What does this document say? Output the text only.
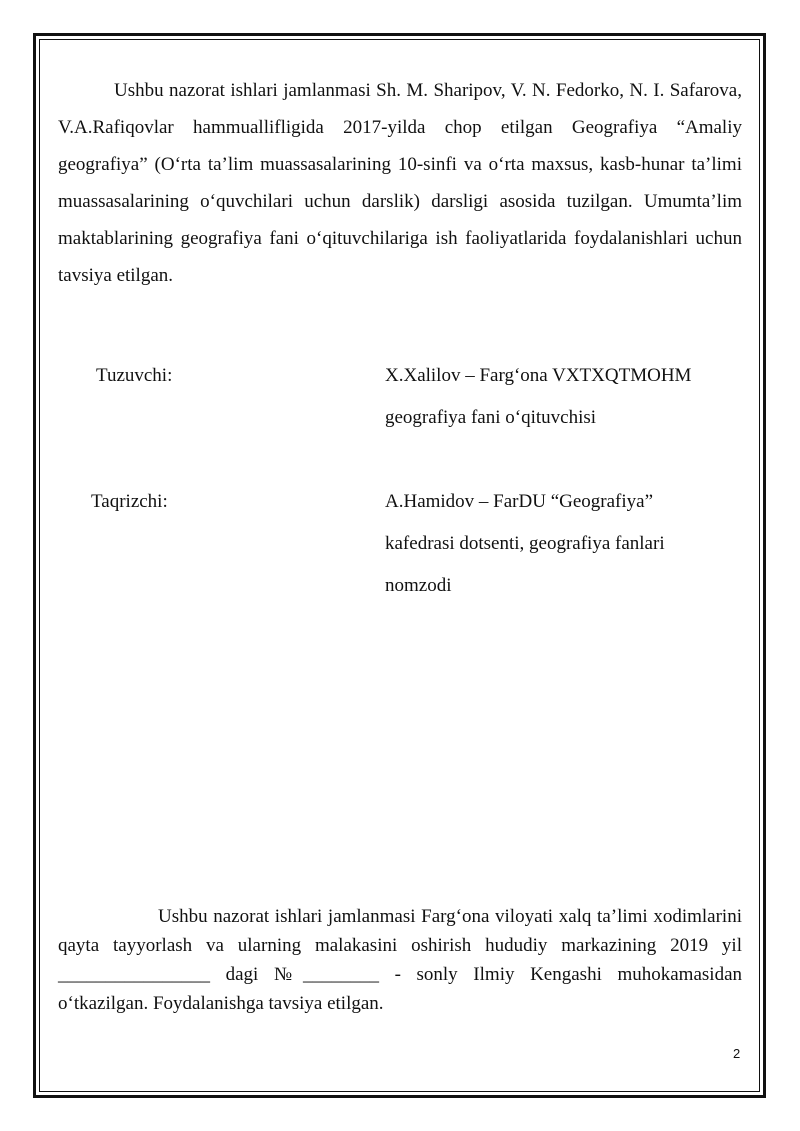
Ushbu nazorat ishlari jamlanmasi Sh. M. Sharipov, V. N. Fedorko, N. I. Safarova, V.A.Rafiqovlar hammuallifligida 2017-yilda chop etilgan Geografiya “Amaliy geografiya” (O‘rta ta’lim muassasalarining 10-sinfi va o‘rta maxsus, kasb-hunar ta’limi muassasalarining o‘quvchilari uchun darslik) darsligi asosida tuzilgan. Umumta’lim maktablarining geografiya fani o‘qituvchilariga ish faoliyatlarida foydalanishlari uchun tavsiya etilgan.

Tuzuvchi:	X.Xalilov – Farg‘ona VXTXQTMOHM

geografiya fani o‘qituvchisi

Taqrizchi:	A.Hamidov – FarDU “Geografiya”

kafedrasi dotsenti, geografiya fanlari

nomzodi

Ushbu nazorat ishlari jamlanmasi Farg‘ona viloyati xalq ta’limi xodimlarini qayta tayyorlash va ularning malakasini oshirish hududiy markazining 2019 yil ________________ dagi №________ - sonly Ilmiy Kengashi muhokamasidan o‘tkazilgan. Foydalanishga tavsiya etilgan.

2
